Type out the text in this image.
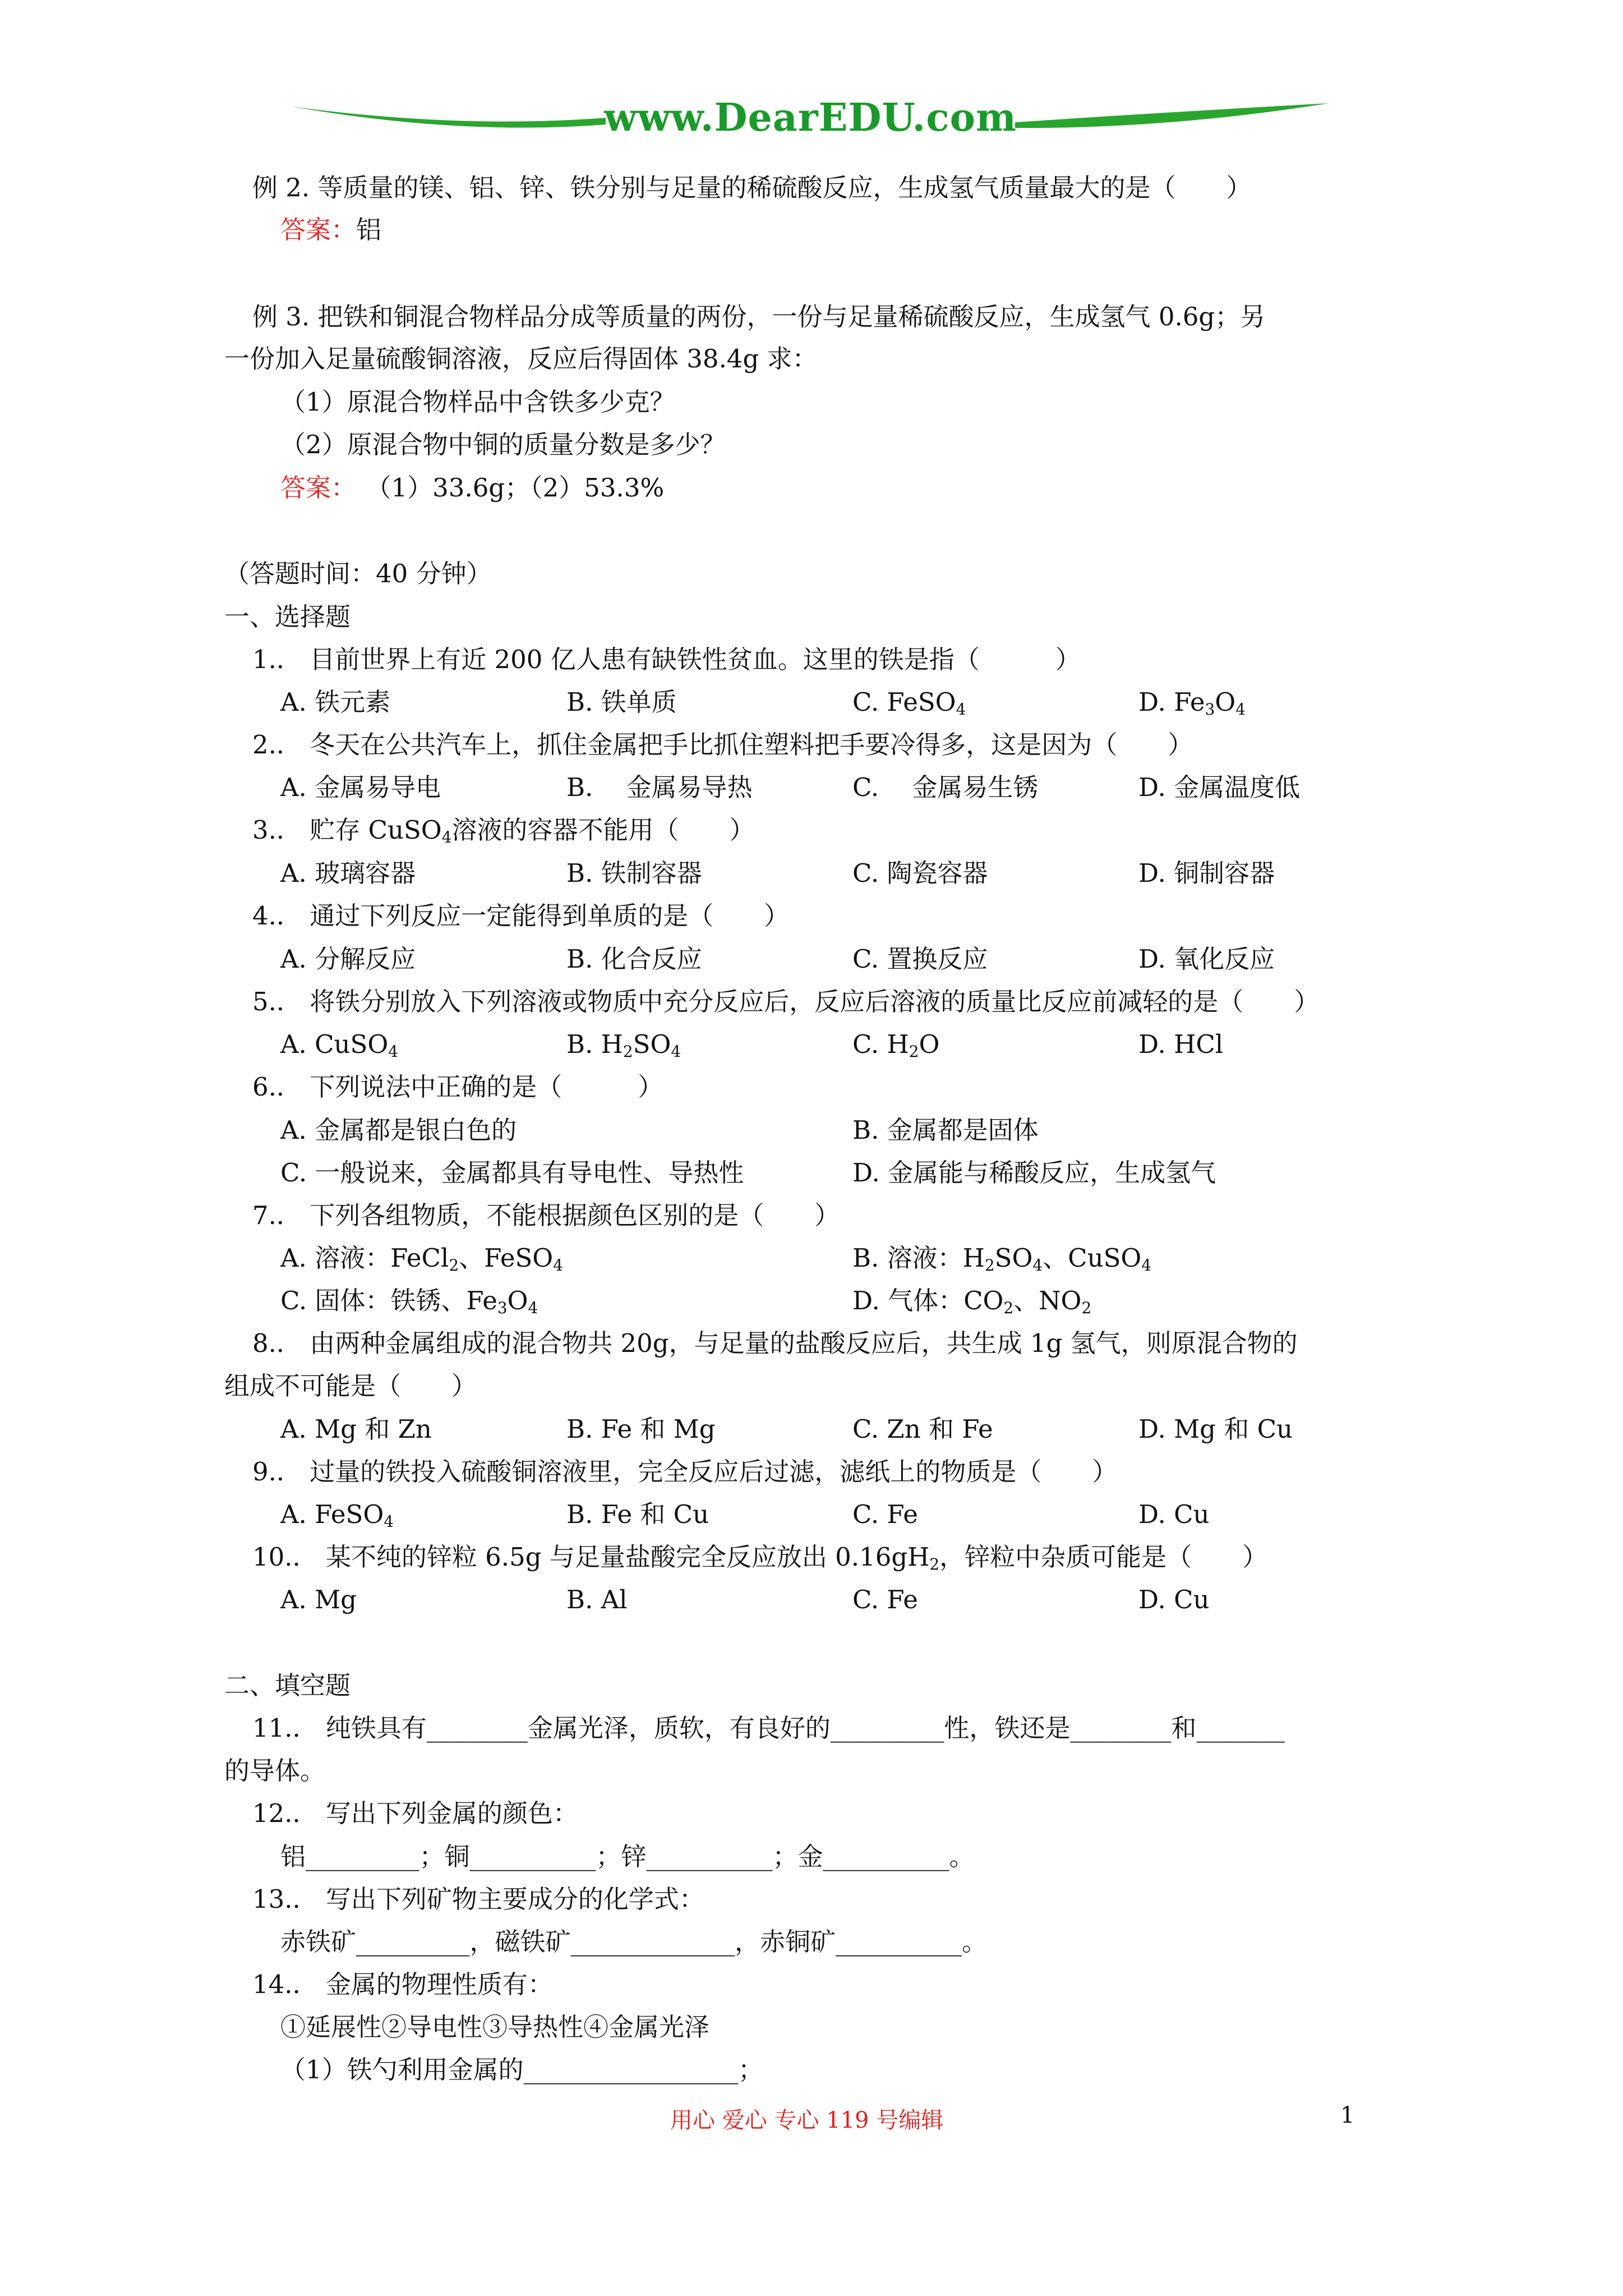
www.DearEDU.com
例 2. 等质量的镁、铝、锌、铁分别与足量的稀硫酸反应，生成氢气质量最大的是（　　）
答案：铝
例 3. 把铁和铜混合物样品分成等质量的两份，一份与足量稀硫酸反应，生成氢气 0.6g；另
一份加入足量硫酸铜溶液，反应后得固体 38.4g 求：
（1）原混合物样品中含铁多少克？
（2）原混合物中铜的质量分数是多少？
答案： （1）33.6g；（2）53.3%
（答题时间：40 分钟）
一、选择题
1.． 目前世界上有近 200 亿人患有缺铁性贫血。这里的铁是指（　　　）
A. 铁元素	B. 铁单质	C. FeSO$_4$	D. $Fe_3O_4$
2.． 冬天在公共汽车上，抓住金属把手比抓住塑料把手要冷得多，这是因为（　　）
A. 金属易导电	B.　 金属易导热	C.　 金属易生锈	D. 金属温度低
3.． 贮存 CuSO$_4$溶液的容器不能用（　　）
A. 玻璃容器	B. 铁制容器	C. 陶瓷容器	D. 铜制容器
4.． 通过下列反应一定能得到单质的是（　　）
A. 分解反应	B. 化合反应	C. 置换反应	D. 氧化反应
5.． 将铁分别放入下列溶液或物质中充分反应后，反应后溶液的质量比反应前减轻的是（　　）
A. CuSO$_4$	B. $H_2SO_4$	C. $H_2O$	D. HCl
6.． 下列说法中正确的是（　　　）
A. 金属都是银白色的	B. 金属都是固体
C. 一般说来，金属都具有导电性、导热性	D. 金属能与稀酸反应，生成氢气
7.． 下列各组物质，不能根据颜色区别的是（　　）
A. 溶液：FeCl$_2$、FeSO$_4$	B. 溶液：$H_2SO_4$、CuSO$_4$
C. 固体：铁锈、$Fe_3O_4$	D. 气体：$CO_2$、$NO_2$
8.． 由两种金属组成的混合物共 20g，与足量的盐酸反应后，共生成 1g 氢气，则原混合物的
组成不可能是（　　）
A. Mg 和 Zn	B. Fe 和 Mg	C. Zn 和 Fe	D. Mg 和 Cu
9.． 过量的铁投入硫酸铜溶液里，完全反应后过滤，滤纸上的物质是（　　）
A. FeSO$_4$	B. Fe 和 Cu	C. Fe	D. Cu
10.． 某不纯的锌粒 6.5g 与足量盐酸完全反应放出 $0.16gH_2$，锌粒中杂质可能是（　　）
A. Mg	B. Al	C. Fe	D. Cu
二、填空题
11.． 纯铁具有________金属光泽，质软，有良好的_________性，铁还是________和_______
的导体。
12.． 写出下列金属的颜色：
铝_________；铜__________；锌__________；金__________。
13.． 写出下列矿物主要成分的化学式：
赤铁矿_________，磁铁矿_____________，赤铜矿__________。
14.． 金属的物理性质有：
①延展性②导电性③导热性④金属光泽
（1）铁勺利用金属的_________________；
用心 爱心 专心 119 号编辑	1
